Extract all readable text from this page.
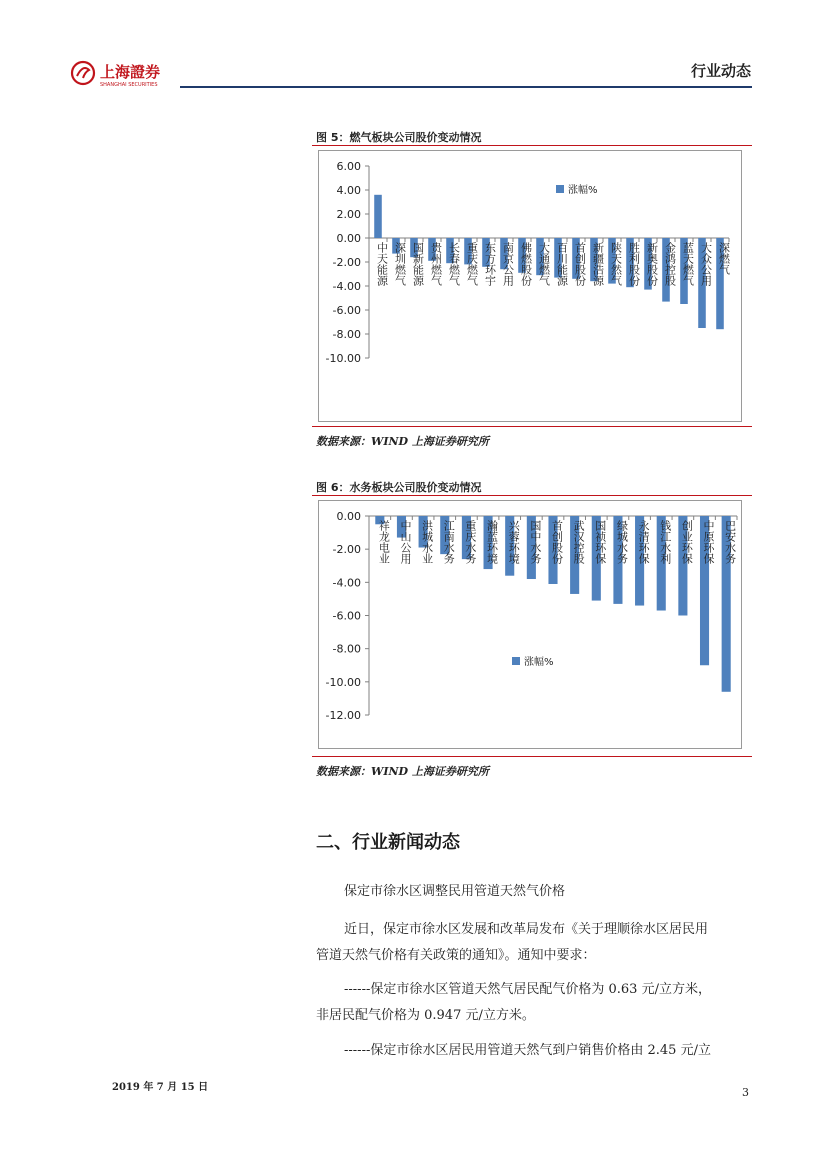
上海證券
SHANGHAI SECURITIES
行业动态
图 5：燃气板块公司股价变动情况
6.00
4.00
2.00
0.00
-2.00
-4.00
-6.00
-8.00
-10.00
中天能源 深圳燃气 国新能源 贵州燃气 长春燃气 重庆燃气 东方环宇 南京公用 佛燃股份 大通燃气 百川能源 首创股份 新疆浩源 陕天然气 胜利股份 新奥股份 金鸿控股 蓝天燃气 大众公用 深燃气
涨幅%
数据来源：WIND 上海证券研究所
图 6：水务板块公司股价变动情况
0.00
-2.00
-4.00
-6.00
-8.00
-10.00
-12.00
祥龙电业 中山公用 洪城水业 江南水务 重庆水务 瀚蓝环境 兴蓉环境 国中水务 首创股份 武汉控股 国祯环保 绿城水务 永清环保 钱江水利 创业环保 中原环保 巴安水务
涨幅%
数据来源：WIND 上海证券研究所
二、行业新闻动态
保定市徐水区调整民用管道天然气价格
近日，保定市徐水区发展和改革局发布《关于理顺徐水区居民用
管道天然气价格有关政策的通知》。通知中要求：
------保定市徐水区管道天然气居民配气价格为 0.63 元/立方米，
非居民配气价格为 0.947 元/立方米。
------保定市徐水区居民用管道天然气到户销售价格由 2.45 元/立
2019 年 7 月 15 日	3
